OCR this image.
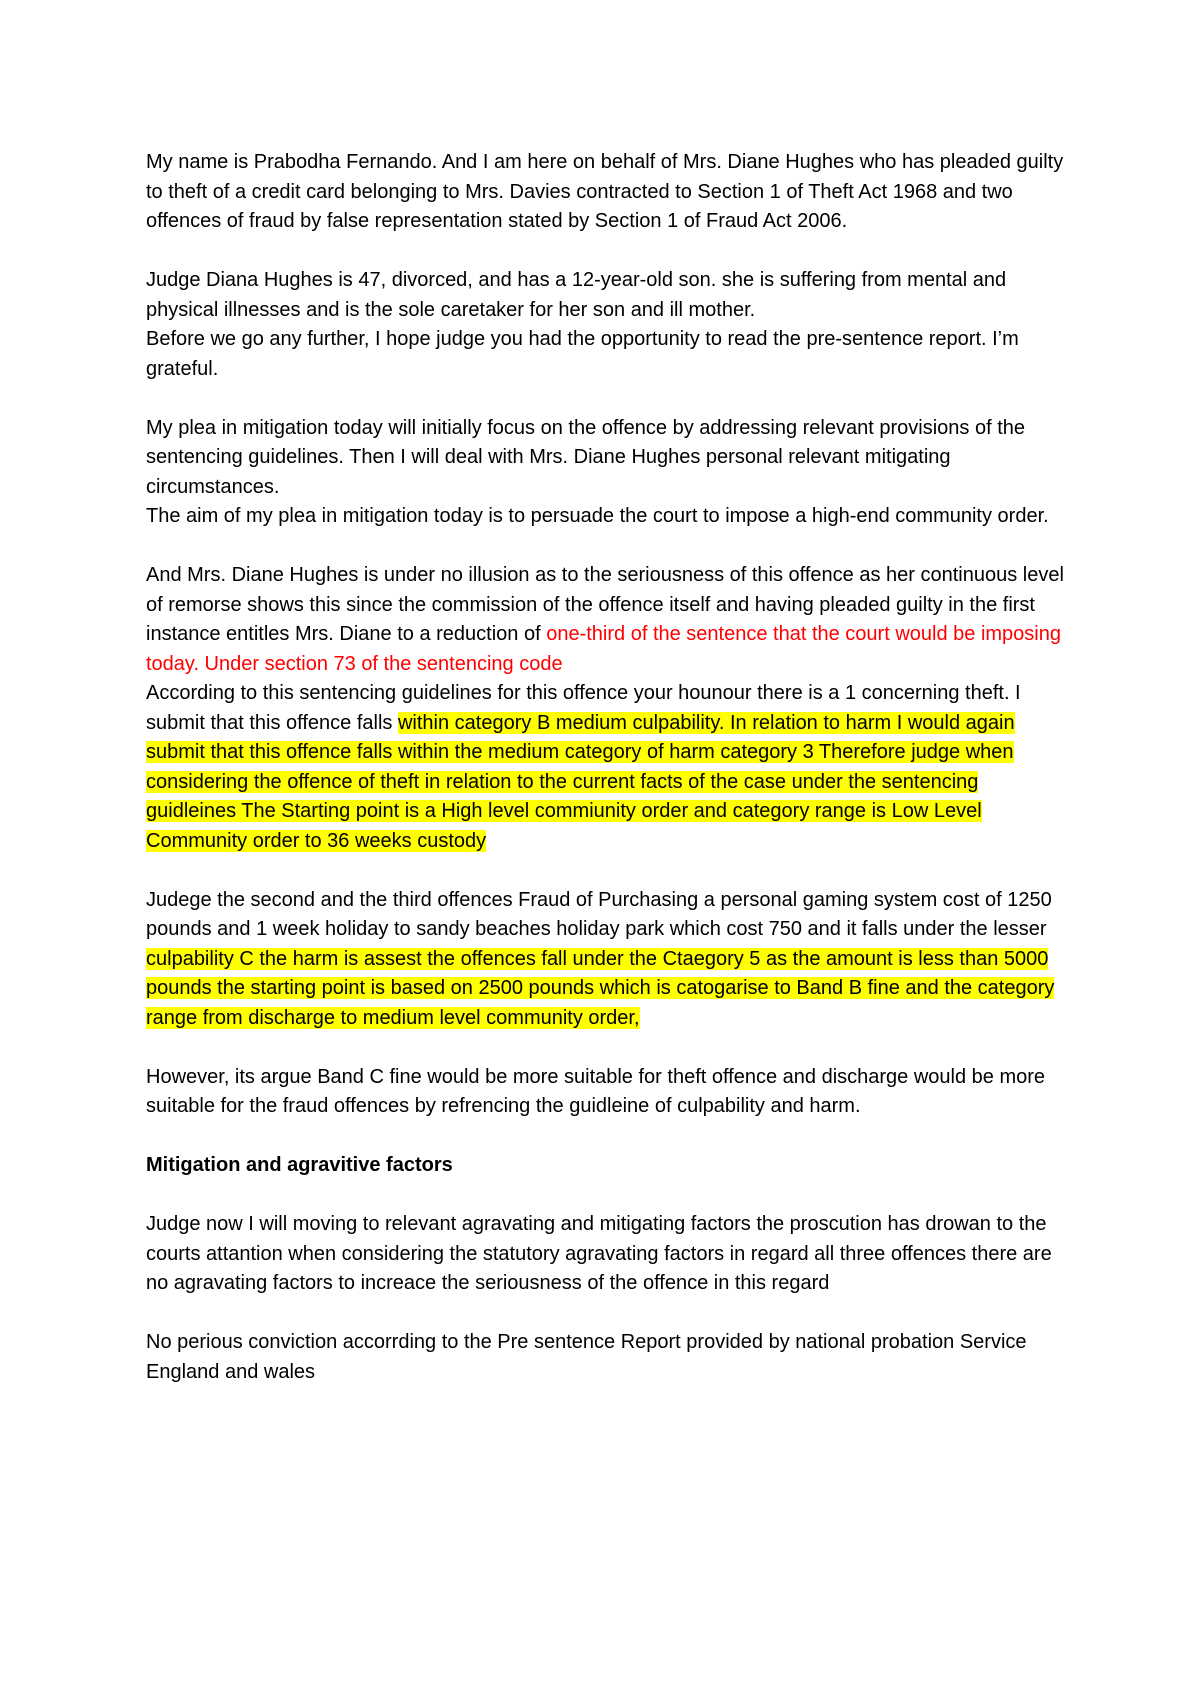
My name is Prabodha Fernando. And I am here on behalf of Mrs. Diane Hughes who has pleaded guilty to theft of a credit card belonging to Mrs. Davies contracted to Section 1 of Theft Act 1968 and two offences of fraud by false representation stated by Section 1 of Fraud Act 2006.

Judge Diana Hughes is 47, divorced, and has a 12-year-old son. she is suffering from mental and physical illnesses and is the sole caretaker for her son and ill mother.

Before we go any further, I hope judge you had the opportunity to read the pre-sentence report. I’m grateful.

My plea in mitigation today will initially focus on the offence by addressing relevant provisions of the sentencing guidelines. Then I will deal with Mrs. Diane Hughes personal relevant mitigating circumstances.

The aim of my plea in mitigation today is to persuade the court to impose a high-end community order.

And Mrs. Diane Hughes is under no illusion as to the seriousness of this offence as her continuous level of remorse shows this since the commission of the offence itself and having pleaded guilty in the first instance entitles Mrs. Diane to a reduction of one-third of the sentence that the court would be imposing today. Under section 73 of the sentencing code

According to this sentencing guidelines for this offence your hounour there is a 1 concerning theft. I submit that this offence falls within category B medium culpability. In relation to harm I would again submit that this offence falls within the medium category of harm category 3 Therefore judge when considering the offence of theft in relation to the current facts of the case under the sentencing guidleines The Starting point is a High level commiunity order and category range is Low Level Community order to 36 weeks custody

Judege the second and the third offences Fraud of Purchasing a personal gaming system cost of 1250 pounds and 1 week holiday to sandy beaches holiday park which cost 750 and it falls under the lesser culpability C the harm is assest the offences fall under the Ctaegory 5 as the amount is less than 5000 pounds the starting point is based on 2500 pounds which is catogarise to Band B fine and the category range from discharge to medium level community order,

However, its argue Band C fine would be more suitable for theft offence and discharge would be more suitable for the fraud offences by refrencing the guidleine of culpability and harm.

Mitigation and agravitive factors

Judge now I will moving to relevant agravating and mitigating factors the proscution has drowan to the courts attantion when considering the statutory agravating factors in regard all three offences there are no agravating factors to increace the seriousness of the offence in this regard

No perious conviction accorrding to the Pre sentence Report provided by national probation Service England and wales
